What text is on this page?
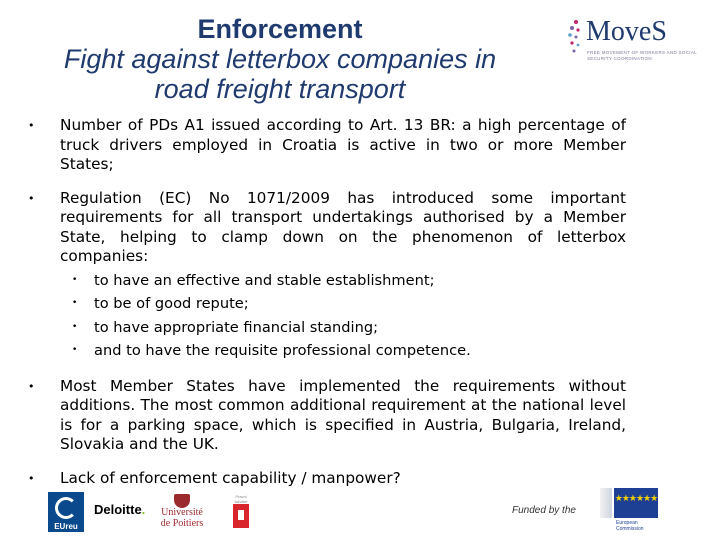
Enforcement
Fight against letterbox companies in
road freight transport
MoveS
FREE MOVEMENT OF WORKERS AND SOCIAL SECURITY COORDINATION
• Number of PDs A1 issued according to Art. 13 BR: a high percentage of truck drivers employed in Croatia is active in two or more Member States;
• Regulation (EC) No 1071/2009 has introduced some important requirements for all transport undertakings authorised by a Member State, helping to clamp down on the phenomenon of letterbox companies:
• to have an effective and stable establishment;
• to be of good repute;
• to have appropriate financial standing;
• and to have the requisite professional competence.
• Most Member States have implemented the requirements without additions. The most common additional requirement at the national level is for a parking space, which is specified in Austria, Bulgaria, Ireland, Slovakia and the UK.
• Lack of enforcement capability / manpower?
EUreu
Deloitte.	Université
de Poitiers
Pravni fakultet
Funded by the
★★★★★★
European
Commission
